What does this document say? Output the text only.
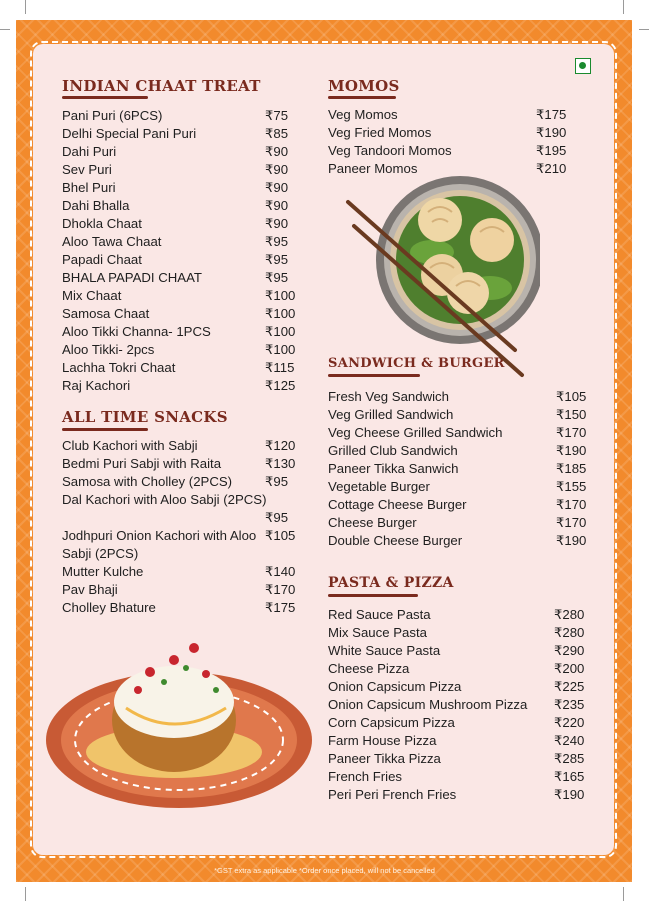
INDIAN CHAAT TREAT
Pani Puri (6PCS)	₹75
Delhi Special Pani Puri	₹85
Dahi Puri	₹90
Sev Puri	₹90
Bhel Puri	₹90
Dahi Bhalla	₹90
Dhokla Chaat	₹90
Aloo Tawa Chaat	₹95
Papadi Chaat	₹95
BHALA PAPADI CHAAT	₹95
Mix Chaat	₹100
Samosa Chaat	₹100
Aloo Tikki Channa- 1PCS	₹100
Aloo Tikki- 2pcs	₹100
Lachha Tokri Chaat	₹115
Raj Kachori	₹125
ALL TIME SNACKS
Club Kachori with Sabji	₹120
Bedmi Puri Sabji with Raita	₹130
Samosa with Cholley (2PCS) ₹95
Dal Kachori with Aloo Sabji (2PCS)
₹95
Jodhpuri Onion Kachori with Aloo Sabji (2PCS)
₹105
Mutter Kulche	₹140
Pav Bhaji	₹170
Cholley Bhature	₹175
MOMOS
Veg Momos	₹175
Veg Fried Momos	₹190
Veg Tandoori Momos	₹195
Paneer Momos	₹210
SANDWICH & BURGER
Fresh Veg Sandwich	₹105
Veg Grilled Sandwich	₹150
Veg Cheese Grilled Sandwich	₹170
Grilled Club Sandwich	₹190
Paneer Tikka Sanwich	₹185
Vegetable Burger	₹155
Cottage Cheese Burger	₹170
Cheese Burger	₹170
Double Cheese Burger	₹190
PASTA & PIZZA
Red Sauce Pasta	₹280
Mix Sauce Pasta	₹280
White Sauce Pasta	₹290
Cheese Pizza	₹200
Onion Capsicum Pizza	₹225
Onion Capsicum Mushroom Pizza ₹235
Corn Capsicum Pizza	₹220
Farm House Pizza	₹240
Paneer Tikka Pizza	₹285
French Fries	₹165
Peri Peri French Fries	₹190
*GST extra as applicable *Order once placed, will not be cancelled
